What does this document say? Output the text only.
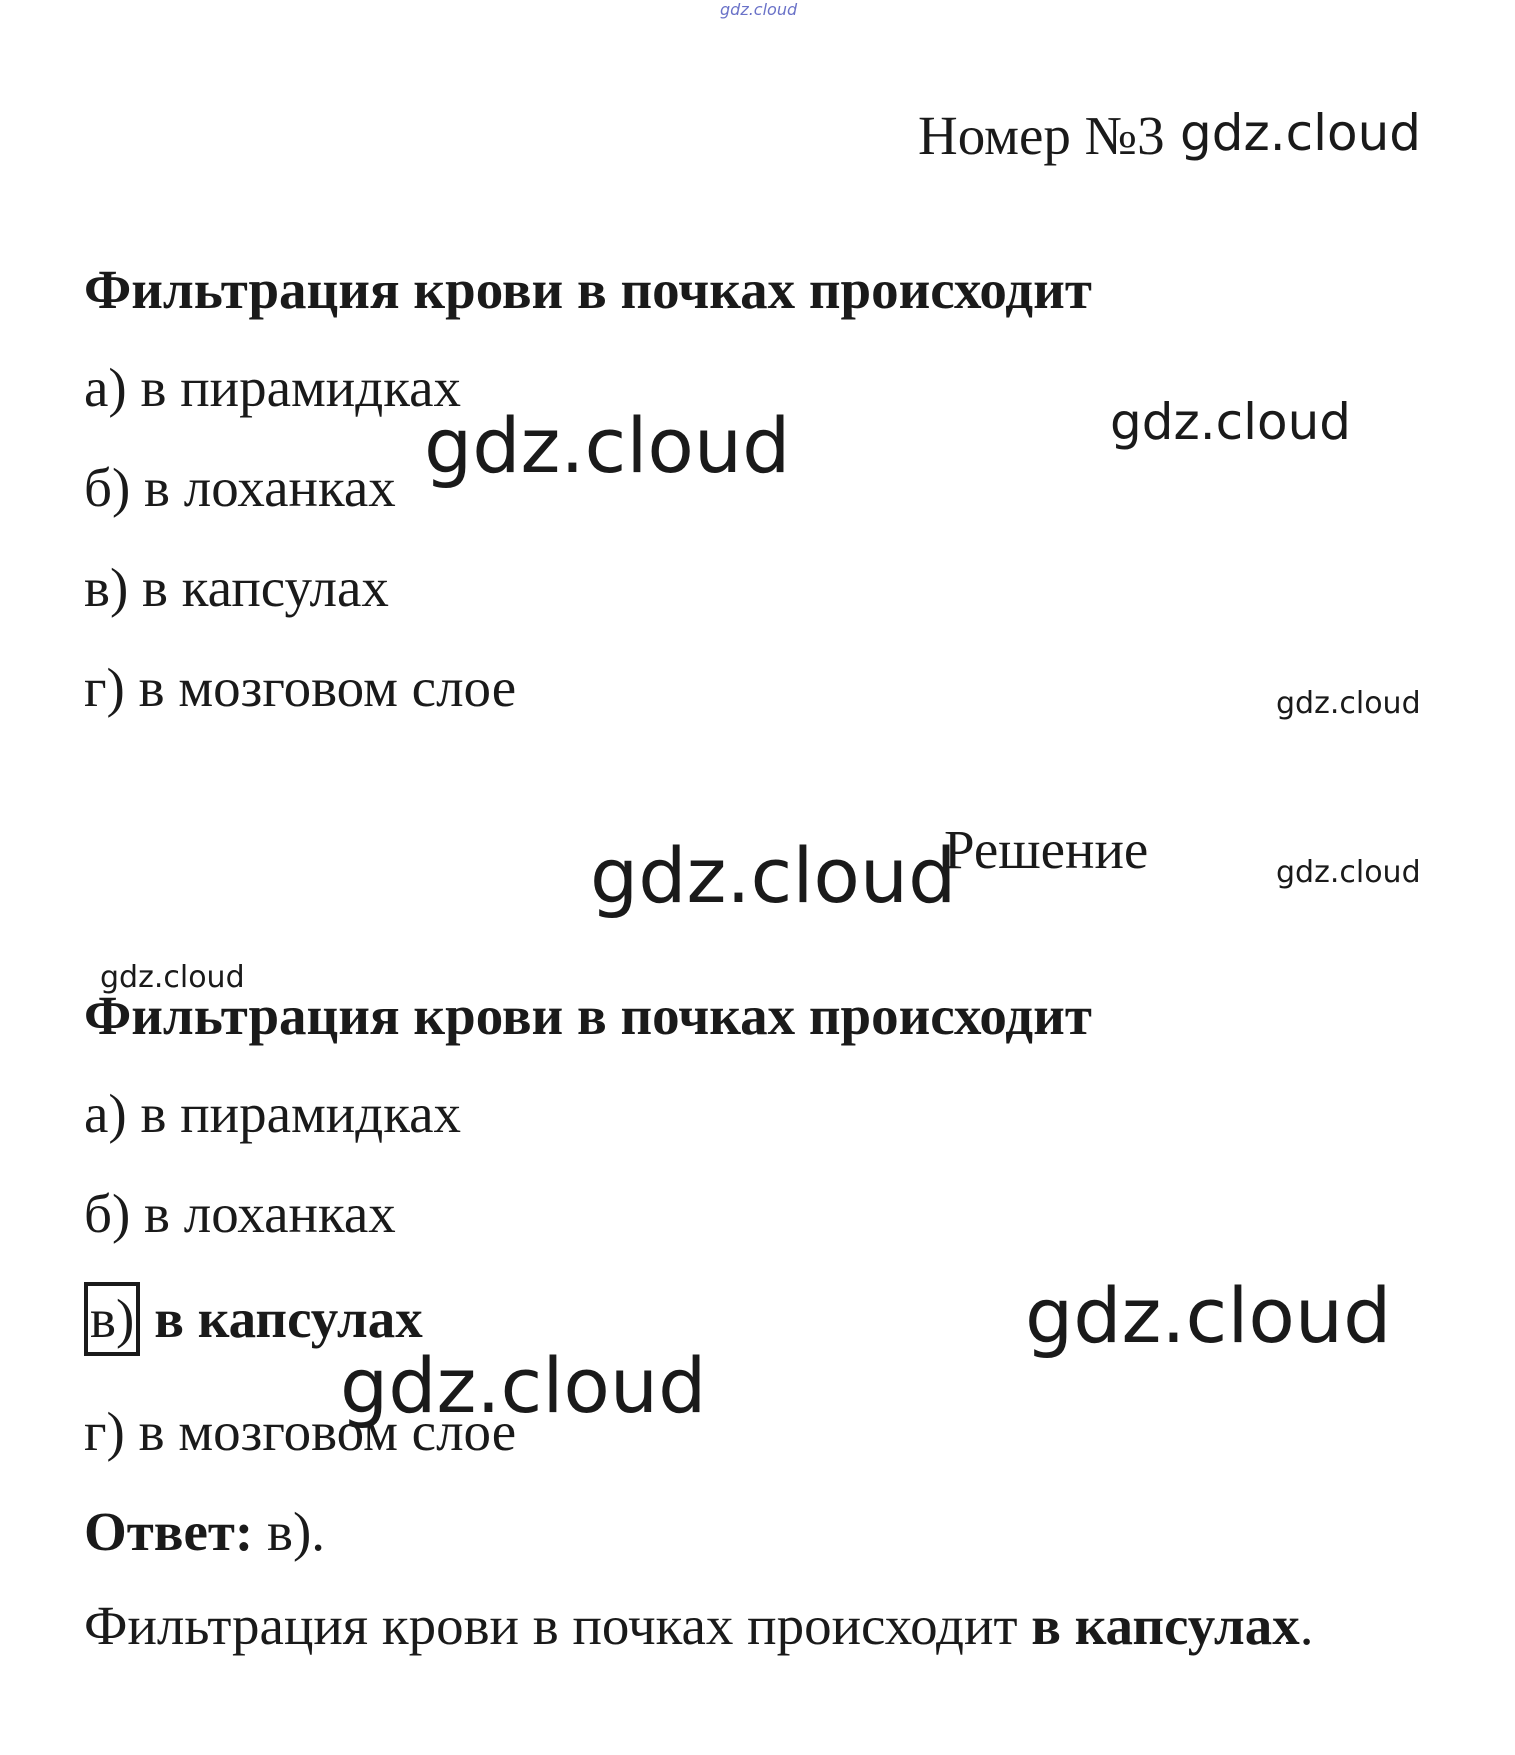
gdz.cloud
Номер №3 gdz.cloud
Фильтрация крови в почках происходит
а) в пирамидках
б) в лоханках
в) в капсулах
г) в мозговом слое
gdz.cloud	gdz.cloud
gdz.cloud
gdz.cloud
Решение	gdz.cloud
gdz.cloud
Фильтрация крови в почках происходит
а) в пирамидках
б) в лоханках
в) в капсулах	gdz.cloud
gdz.cloud
г) в мозговом слое
Ответ: в).
Фильтрация крови в почках происходит в капсулах.
